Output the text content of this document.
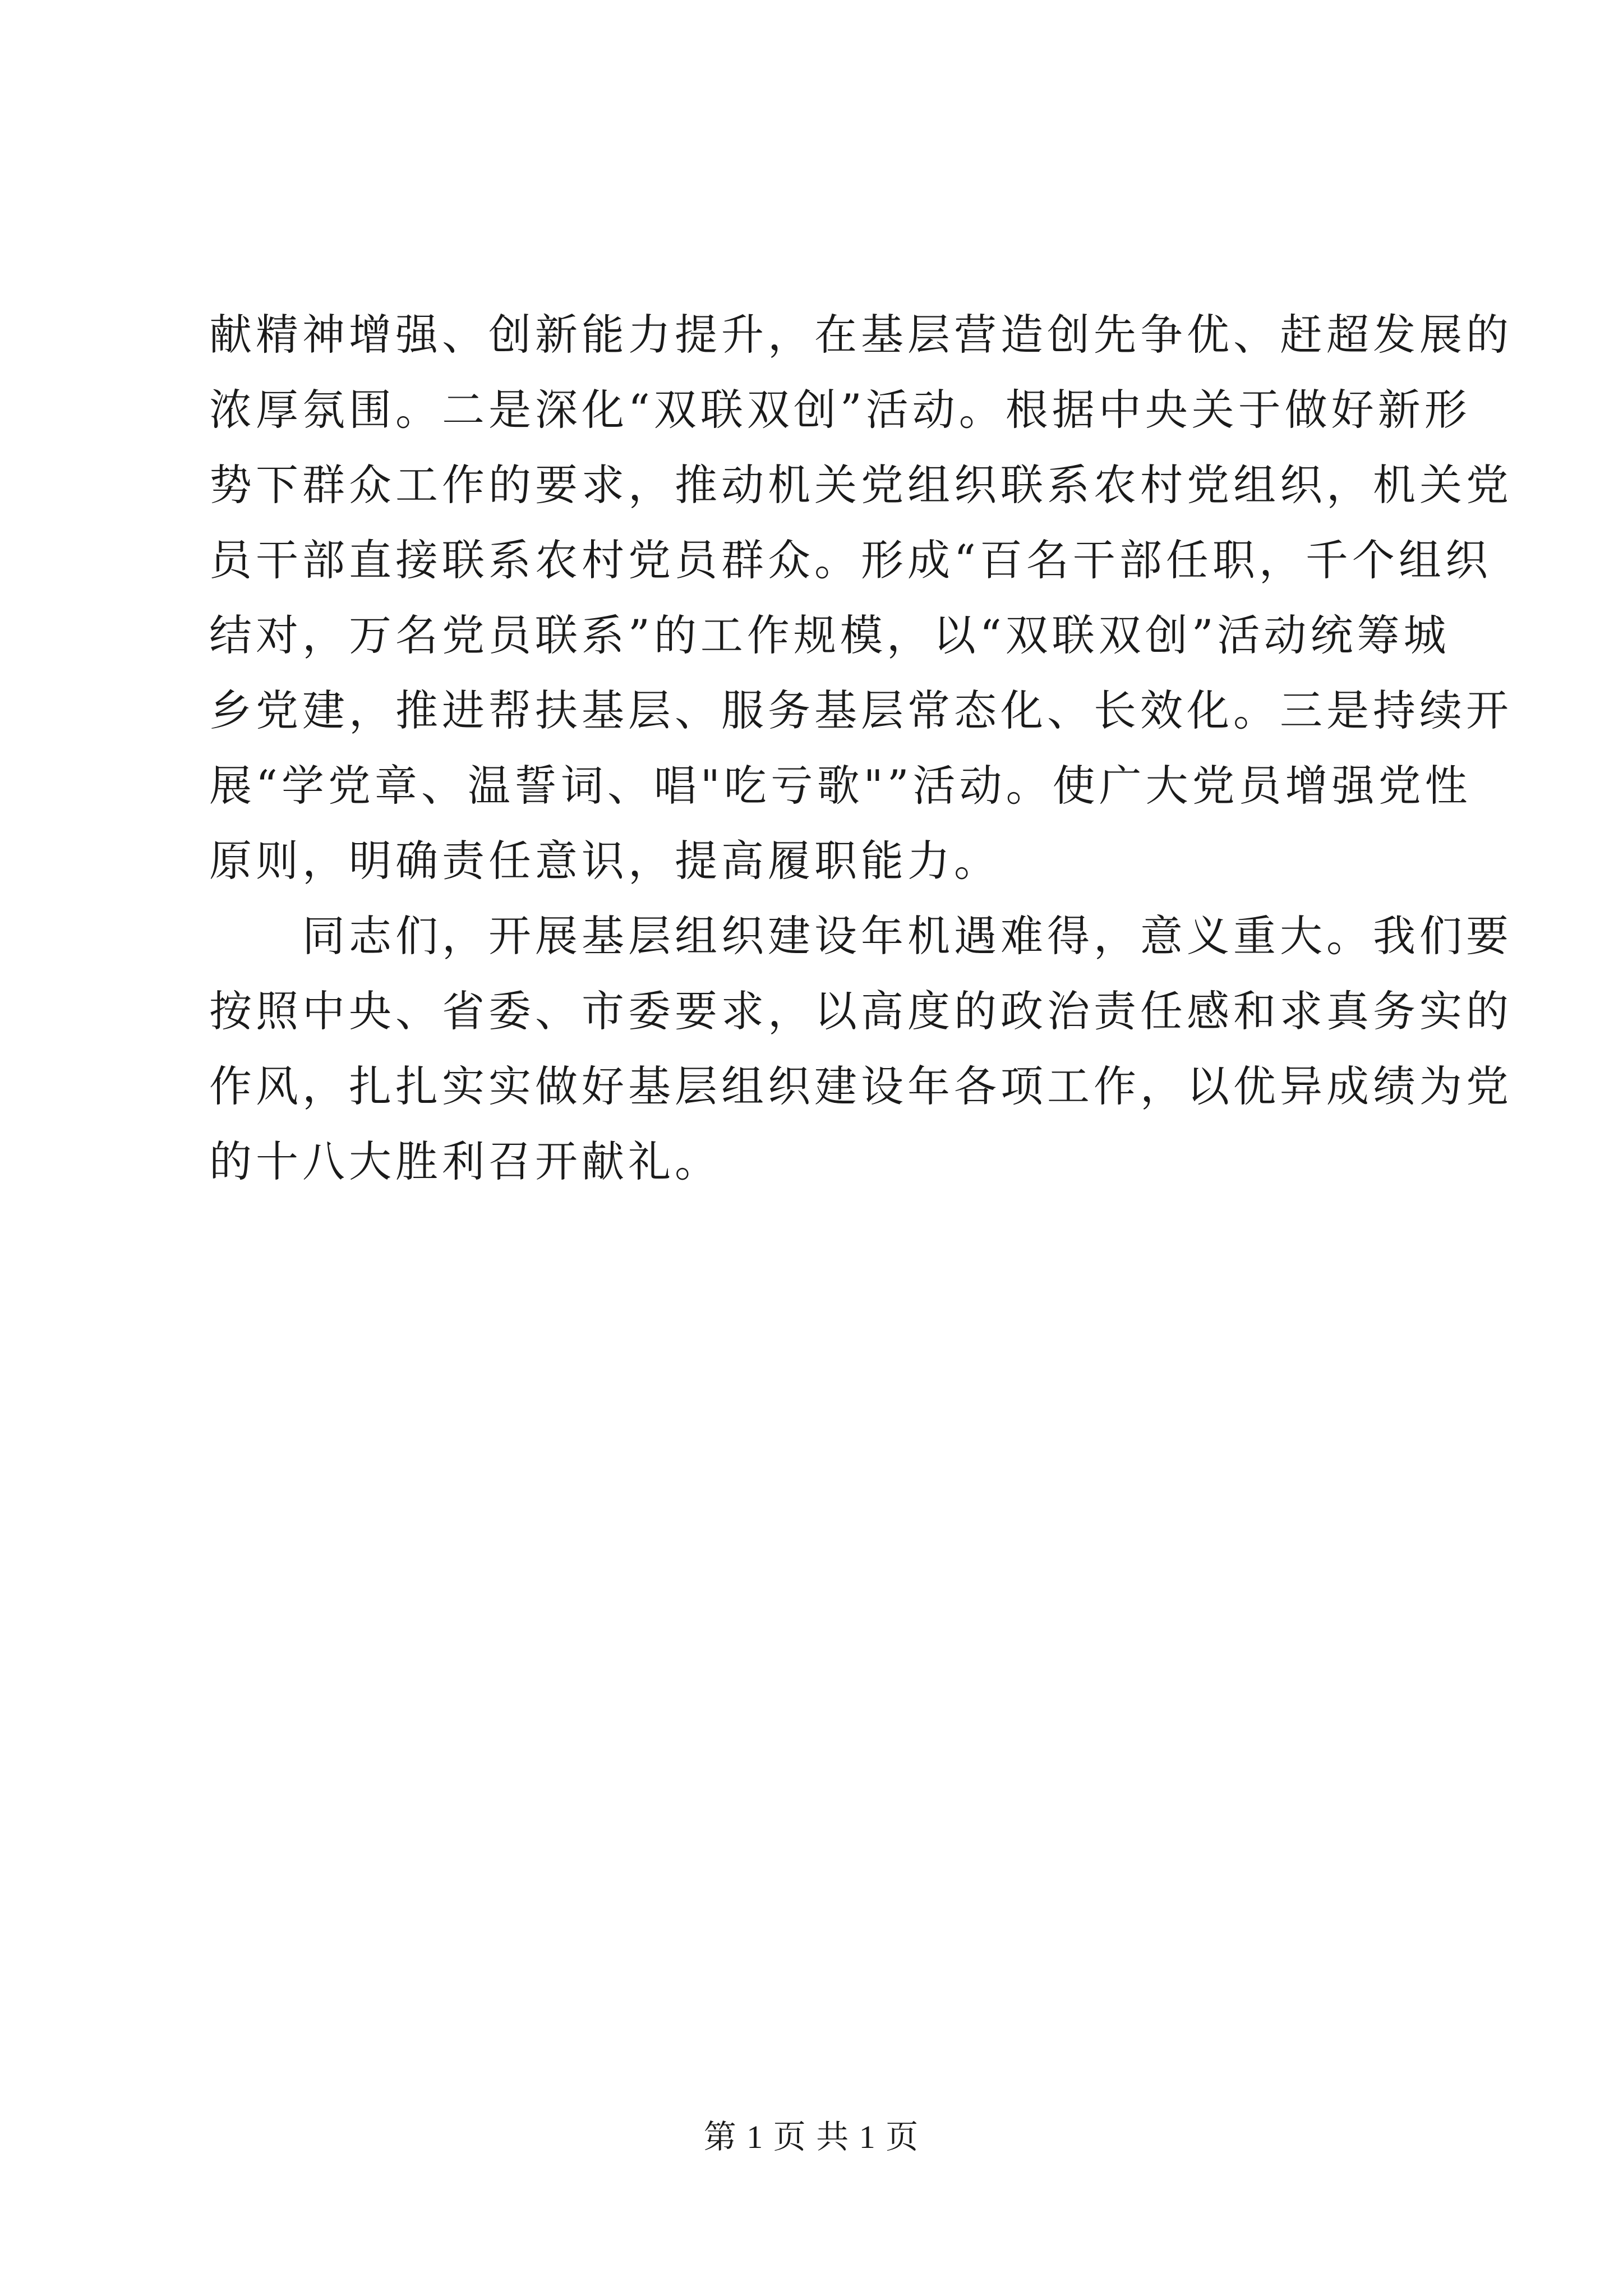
献精神增强、创新能力提升，在基层营造创先争优、赶超发展的
浓厚氛围。二是深化“双联双创”活动。根据中央关于做好新形
势下群众工作的要求，推动机关党组织联系农村党组织，机关党
员干部直接联系农村党员群众。形成“百名干部任职，千个组织
结对，万名党员联系”的工作规模，以“双联双创”活动统筹城
乡党建，推进帮扶基层、服务基层常态化、长效化。三是持续开
展“学党章、温誓词、唱"吃亏歌"”活动。使广大党员增强党性
原则，明确责任意识，提高履职能力。
　　同志们，开展基层组织建设年机遇难得，意义重大。我们要
按照中央、省委、市委要求，以高度的政治责任感和求真务实的
作风，扎扎实实做好基层组织建设年各项工作，以优异成绩为党
的十八大胜利召开献礼。
第 1 页 共 1 页
